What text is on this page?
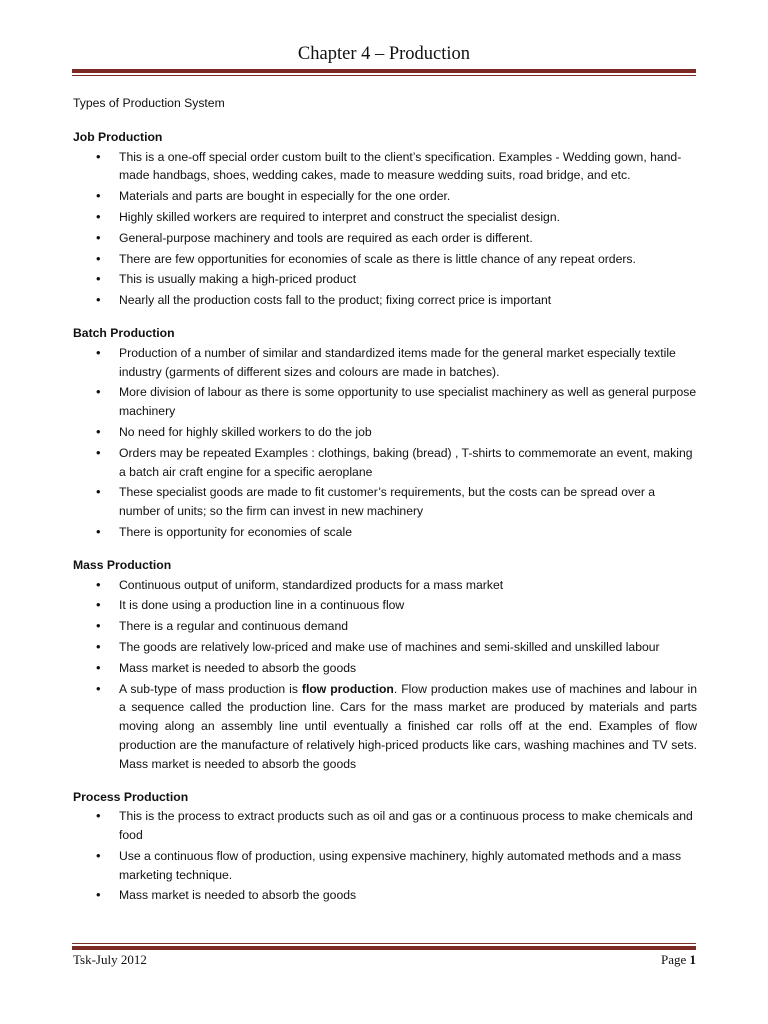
Chapter 4 – Production
Types of Production System
Job Production
• This is a one-off special order custom built to the client’s specification. Examples - Wedding gown, hand-made handbags, shoes, wedding cakes, made to measure wedding suits, road bridge, and etc.
• Materials and parts are bought in especially for the one order.
• Highly skilled workers are required to interpret and construct the specialist design.
• General-purpose machinery and tools are required as each order is different.
• There are few opportunities for economies of scale as there is little chance of any repeat orders.
• This is usually making a high-priced product
• Nearly all the production costs fall to the product; fixing correct price is important
Batch Production
• Production of a number of similar and standardized items made for the general market especially textile industry (garments of different sizes and colours are made in batches).
• More division of labour as there is some opportunity to use specialist machinery as well as general purpose machinery
• No need for highly skilled workers to do the job
• Orders may be repeated Examples : clothings, baking (bread) , T-shirts to commemorate an event, making a batch air craft engine for a specific aeroplane
• These specialist goods are made to fit customer’s requirements, but the costs can be spread over a number of units; so the firm can invest in new machinery
• There is opportunity for economies of scale
Mass Production
• Continuous output of uniform, standardized products for a mass market
• It is done using a production line in a continuous flow
• There is a regular and continuous demand
• The goods are relatively low-priced and make use of machines and semi-skilled and unskilled labour
• Mass market is needed to absorb the goods
• A sub-type of mass production is flow production. Flow production makes use of machines and labour in a sequence called the production line. Cars for the mass market are produced by materials and parts moving along an assembly line until eventually a finished car rolls off at the end. Examples of flow production are the manufacture of relatively high-priced products like cars, washing machines and TV sets. Mass market is needed to absorb the goods
Process Production
• This is the process to extract products such as oil and gas or a continuous process to make chemicals and food
• Use a continuous flow of production, using expensive machinery, highly automated methods and a mass marketing technique.
• Mass market is needed to absorb the goods
Tsk-July 2012	Page 1
